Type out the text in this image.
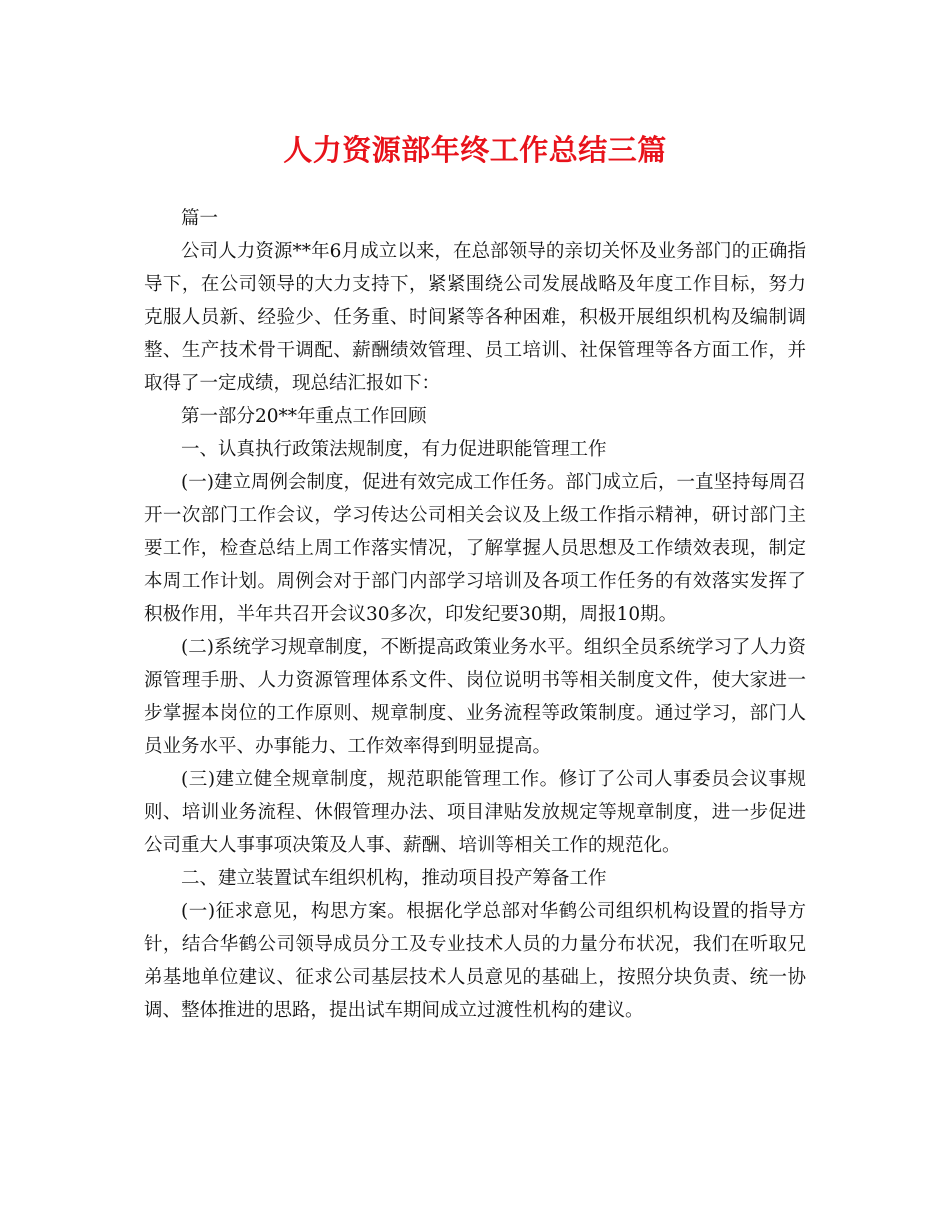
人力资源部年终工作总结三篇

篇一

公司人力资源**年6月成立以来，在总部领导的亲切关怀及业务部门的正确指导下，在公司领导的大力支持下，紧紧围绕公司发展战略及年度工作目标，努力克服人员新、经验少、任务重、时间紧等各种困难，积极开展组织机构及编制调整、生产技术骨干调配、薪酬绩效管理、员工培训、社保管理等各方面工作，并取得了一定成绩，现总结汇报如下：

第一部分20**年重点工作回顾

一、认真执行政策法规制度，有力促进职能管理工作

(一)建立周例会制度，促进有效完成工作任务。部门成立后，一直坚持每周召开一次部门工作会议，学习传达公司相关会议及上级工作指示精神，研讨部门主要工作，检查总结上周工作落实情况，了解掌握人员思想及工作绩效表现，制定本周工作计划。周例会对于部门内部学习培训及各项工作任务的有效落实发挥了积极作用，半年共召开会议30多次，印发纪要30期，周报10期。

(二)系统学习规章制度，不断提高政策业务水平。组织全员系统学习了人力资源管理手册、人力资源管理体系文件、岗位说明书等相关制度文件，使大家进一步掌握本岗位的工作原则、规章制度、业务流程等政策制度。通过学习，部门人员业务水平、办事能力、工作效率得到明显提高。

(三)建立健全规章制度，规范职能管理工作。修订了公司人事委员会议事规则、培训业务流程、休假管理办法、项目津贴发放规定等规章制度，进一步促进公司重大人事事项决策及人事、薪酬、培训等相关工作的规范化。

二、建立装置试车组织机构，推动项目投产筹备工作

(一)征求意见，构思方案。根据化学总部对华鹤公司组织机构设置的指导方针，结合华鹤公司领导成员分工及专业技术人员的力量分布状况，我们在听取兄弟基地单位建议、征求公司基层技术人员意见的基础上，按照分块负责、统一协调、整体推进的思路，提出试车期间成立过渡性机构的建议。
